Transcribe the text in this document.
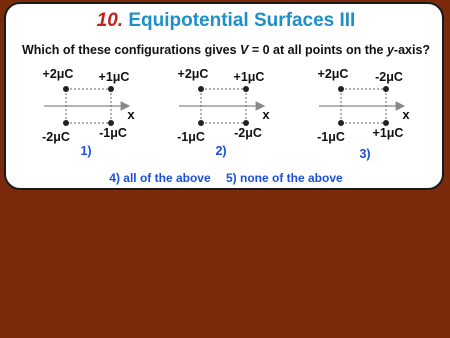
10. Equipotential Surfaces III
Which of these configurations gives V = 0 at all points on the y-axis?
+2μC +1μC
-2μC -1μC
x
1)
+2μC +1μC
-1μC -2μC
x
2)
+2μC -2μC
-1μC +1μC
x
3)
4) all of the above 5) none of the above
